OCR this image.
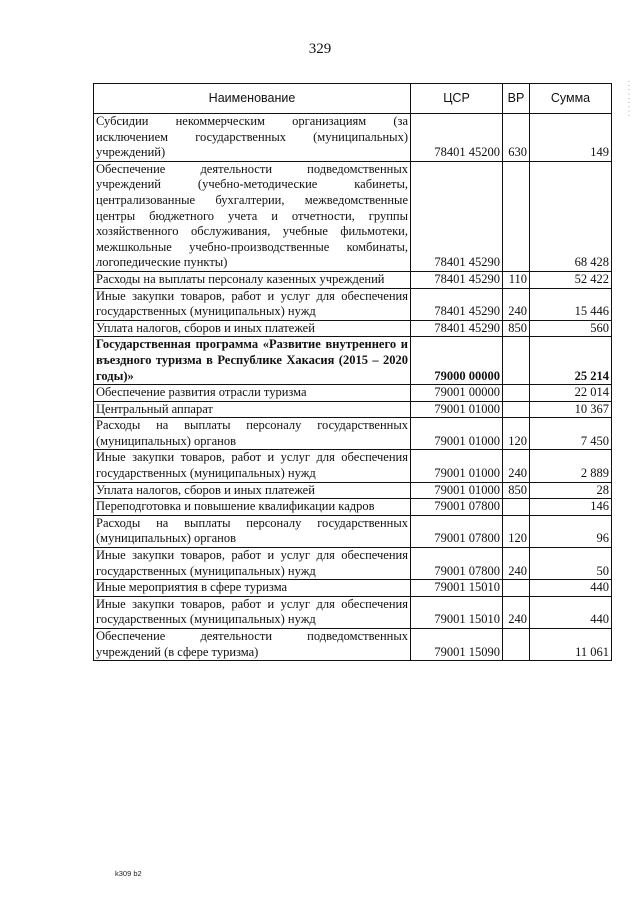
329
Наименование	ЦСР	ВР	Сумма
Субсидии некоммерческим организациям (за исключением государственных (муниципальных) учреждений)	78401 45200	630	149
Обеспечение деятельности подведомственных учреждений (учебно-методические кабинеты, централизованные бухгалтерии, межведомственные центры бюджетного учета и отчетности, группы хозяйственного обслуживания, учебные фильмотеки, межшкольные учебно-производственные комбинаты, логопедические пункты)	78401 45290		68 428
Расходы на выплаты персоналу казенных учреждений	78401 45290	110	52 422
Иные закупки товаров, работ и услуг для обеспечения государственных (муниципальных) нужд	78401 45290	240	15 446
Уплата налогов, сборов и иных платежей	78401 45290	850	560
Государственная программа «Развитие внутреннего и въездного туризма в Республике Хакасия (2015 – 2020 годы)»	79000 00000		25 214
Обеспечение развития отрасли туризма	79001 00000		22 014
Центральный аппарат	79001 01000		10 367
Расходы на выплаты персоналу государственных (муниципальных) органов	79001 01000	120	7 450
Иные закупки товаров, работ и услуг для обеспечения государственных (муниципальных) нужд	79001 01000	240	2 889
Уплата налогов, сборов и иных платежей	79001 01000	850	28
Переподготовка и повышение квалификации кадров	79001 07800		146
Расходы на выплаты персоналу государственных (муниципальных) органов	79001 07800	120	96
Иные закупки товаров, работ и услуг для обеспечения государственных (муниципальных) нужд	79001 07800	240	50
Иные мероприятия в сфере туризма	79001 15010		440
Иные закупки товаров, работ и услуг для обеспечения государственных (муниципальных) нужд	79001 15010	240	440
Обеспечение деятельности подведомственных учреждений (в сфере туризма)	79001 15090		11 061
· · · · · · · · ·
k309 b2
